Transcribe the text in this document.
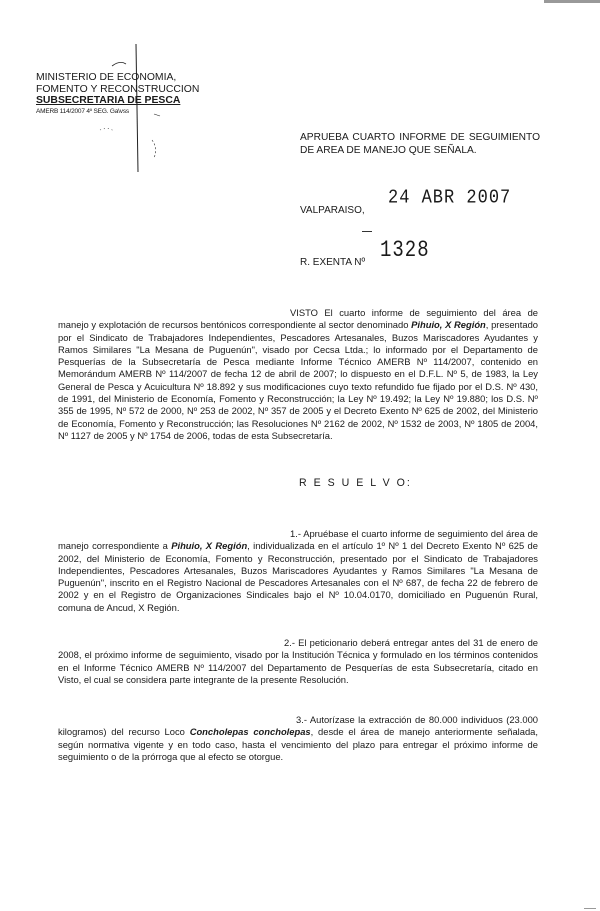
MINISTERIO DE ECONOMIA,
FOMENTO Y RECONSTRUCCION
SUBSECRETARIA DE PESCA
AMERB 114/2007 4º SEG. Ga\vss
APRUEBA CUARTO INFORME DE SEGUIMIENTO DE AREA DE MANEJO QUE SEÑALA.
VALPARAISO,
24 ABR 2007
R. EXENTA Nº 1328
VISTO El cuarto informe de seguimiento del área de manejo y explotación de recursos bentónicos correspondiente al sector denominado Pihuio, X Región, presentado por el Sindicato de Trabajadores Independientes, Pescadores Artesanales, Buzos Mariscadores Ayudantes y Ramos Similares "La Mesana de Puguenún", visado por Cecsa Ltda.; lo informado por el Departamento de Pesquerías de la Subsecretaría de Pesca mediante Informe Técnico AMERB Nº 114/2007, contenido en Memorándum AMERB Nº 114/2007 de fecha 12 de abril de 2007; lo dispuesto en el D.F.L. Nº 5, de 1983, la Ley General de Pesca y Acuicultura Nº 18.892 y sus modificaciones cuyo texto refundido fue fijado por el D.S. Nº 430, de 1991, del Ministerio de Economía, Fomento y Reconstrucción; la Ley Nº 19.492; la Ley Nº 19.880; los D.S. Nº 355 de 1995, Nº 572 de 2000, Nº 253 de 2002, Nº 357 de 2005 y el Decreto Exento Nº 625 de 2002, del Ministerio de Economía, Fomento y Reconstrucción; las Resoluciones Nº 2162 de 2002, Nº 1532 de 2003, Nº 1805 de 2004, Nº 1127 de 2005 y Nº 1754 de 2006, todas de esta Subsecretaría.
R E S U E L V O:
1.- Apruébase el cuarto informe de seguimiento del área de manejo correspondiente a Pihuio, X Región, individualizada en el artículo 1º Nº 1 del Decreto Exento Nº 625 de 2002, del Ministerio de Economía, Fomento y Reconstrucción, presentado por el Sindicato de Trabajadores Independientes, Pescadores Artesanales, Buzos Mariscadores Ayudantes y Ramos Similares "La Mesana de Puguenún", inscrito en el Registro Nacional de Pescadores Artesanales con el Nº 687, de fecha 22 de febrero de 2002 y en el Registro de Organizaciones Sindicales bajo el Nº 10.04.0170, domiciliado en Puguenún Rural, comuna de Ancud, X Región.
2.- El peticionario deberá entregar antes del 31 de enero de 2008, el próximo informe de seguimiento, visado por la Institución Técnica y formulado en los términos contenidos en el Informe Técnico AMERB Nº 114/2007 del Departamento de Pesquerías de esta Subsecretaría, citado en Visto, el cual se considera parte integrante de la presente Resolución.
3.- Autorízase la extracción de 80.000 individuos (23.000 kilogramos) del recurso Loco Concholepas concholepas, desde el área de manejo anteriormente señalada, según normativa vigente y en todo caso, hasta el vencimiento del plazo para entregar el próximo informe de seguimiento o de la prórroga que al efecto se otorgue.
